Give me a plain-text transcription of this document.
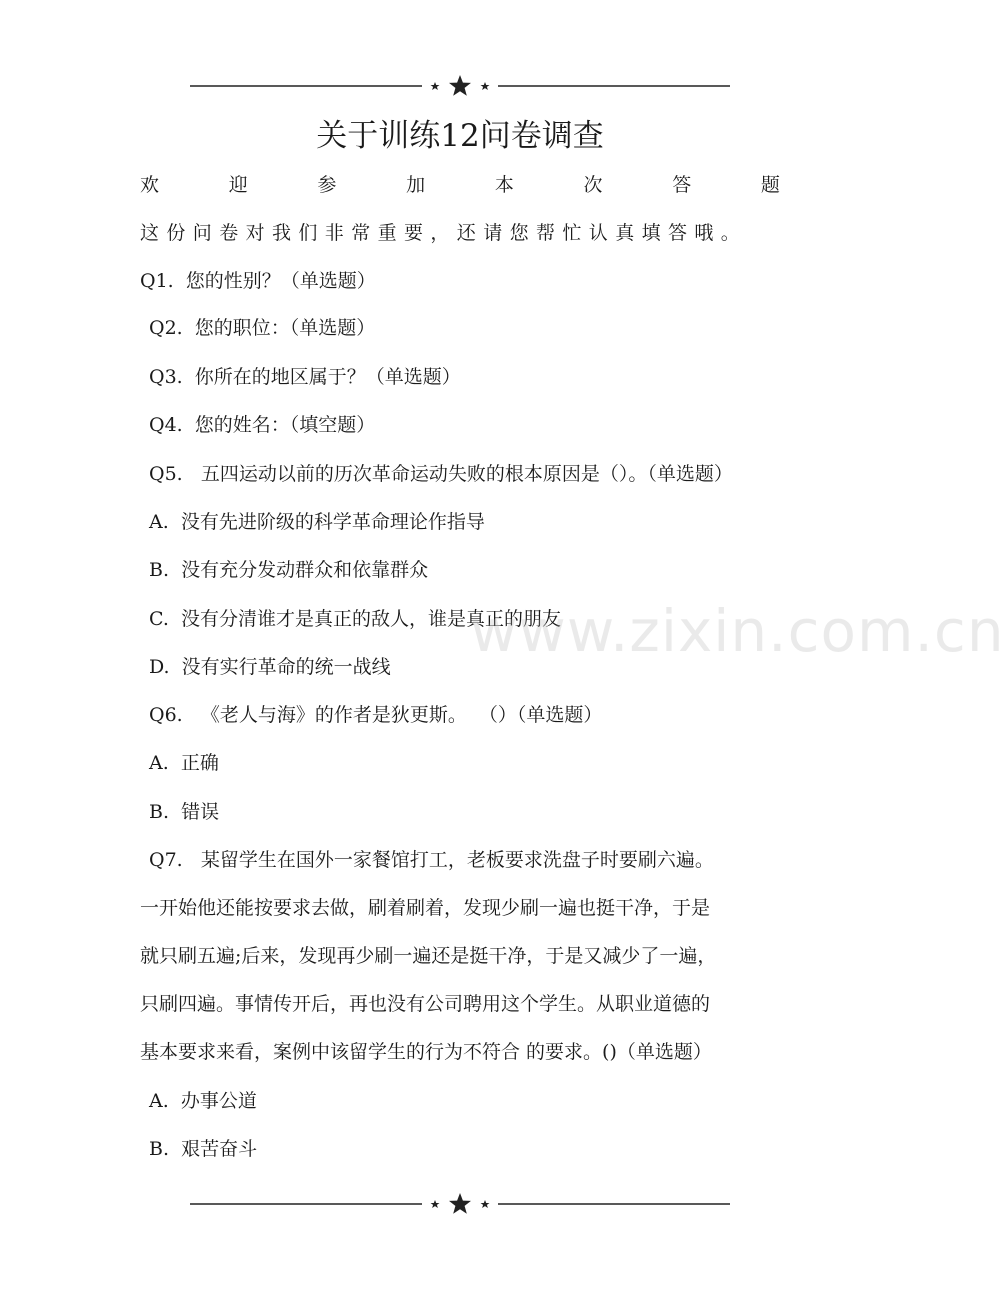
关于训练12问卷调查
欢	迎	参	加	本	次	答	题

这份问卷对我们非常重要，还请您帮忙认真填答哦。

Q1.  您的性别？（单选题）

Q2.  您的职位：（单选题）

Q3.  你所在的地区属于？（单选题）

Q4.  您的姓名：（填空题）

Q5.   五四运动以前的历次革命运动失败的根本原因是（）。（单选题）

A.  没有先进阶级的科学革命理论作指导

B.  没有充分发动群众和依靠群众

C.  没有分清谁才是真正的敌人，谁是真正的朋友

D.  没有实行革命的统一战线

Q6.   《老人与海》的作者是狄更斯。  （）（单选题）

A.  正确

B.  错误

Q7.   某留学生在国外一家餐馆打工，老板要求洗盘子时要刷六遍。

一开始他还能按要求去做，刷着刷着，发现少刷一遍也挺干净，于是

就只刷五遍;后来，发现再少刷一遍还是挺干净，于是又减少了一遍，

只刷四遍。事情传开后，再也没有公司聘用这个学生。从职业道德的

基本要求来看，案例中该留学生的行为不符合 的要求。()（单选题）

A.  办事公道

B.  艰苦奋斗

www.zixin.com.cn
